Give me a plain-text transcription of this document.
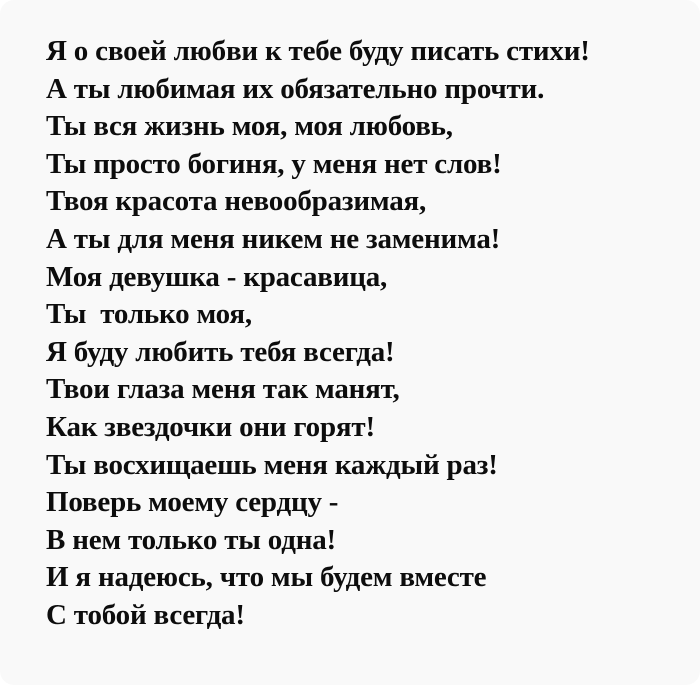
Я о своей любви к тебе буду писать стихи!

А ты любимая их обязательно прочти.

Ты вся жизнь моя, моя любовь,

Ты просто богиня, у меня нет слов!

Твоя красота невообразимая,

А ты для меня никем не заменима!

Моя девушка - красавица,

Ты  только моя,

Я буду любить тебя всегда!

Твои глаза меня так манят,

Как звездочки они горят!

Ты восхищаешь меня каждый раз!

Поверь моему сердцу -

В нем только ты одна!

И я надеюсь, что мы будем вместе

С тобой всегда!
